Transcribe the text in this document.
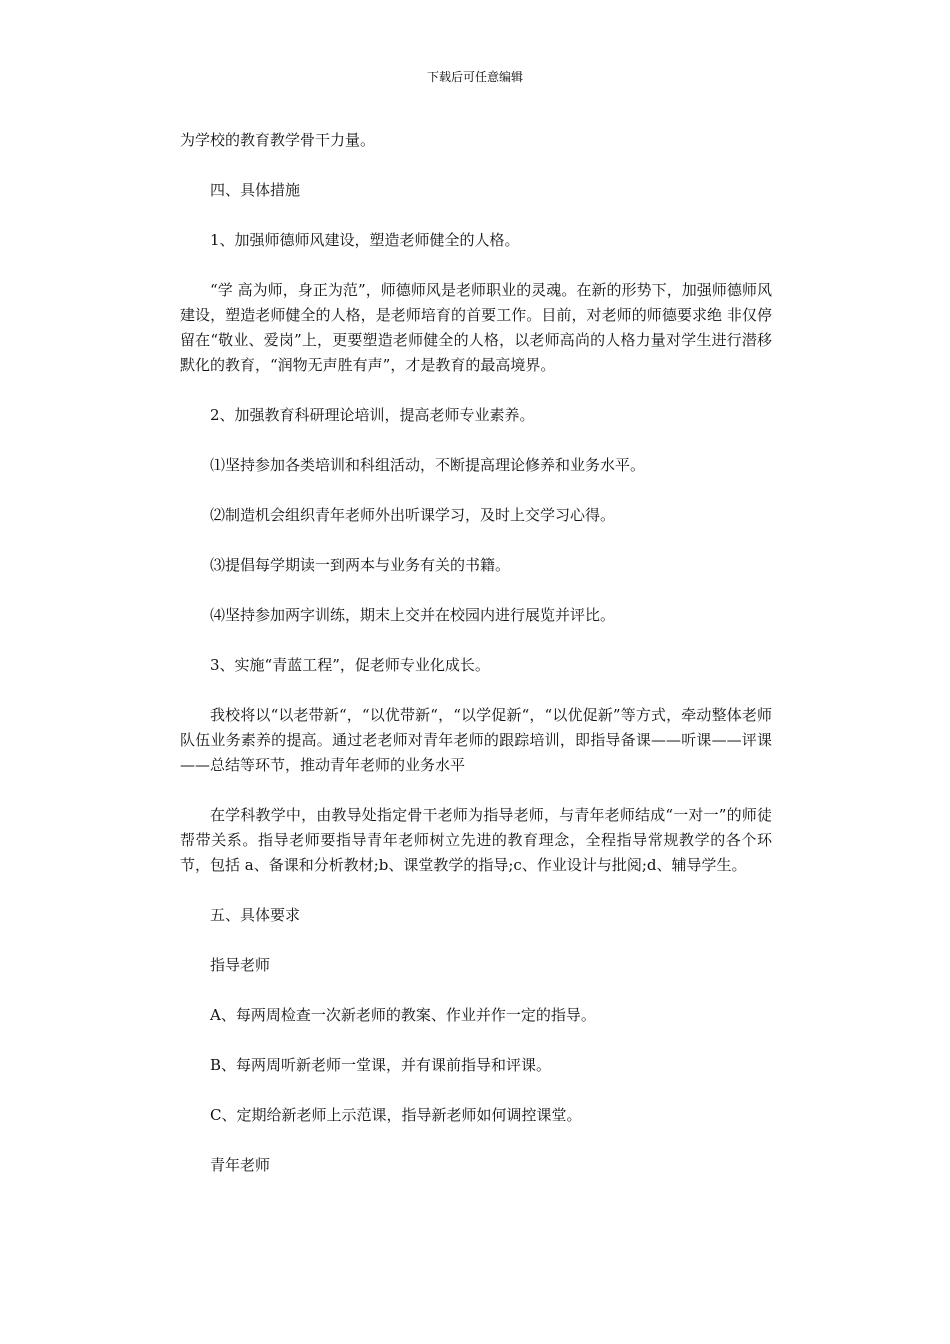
下载后可任意编辑

为学校的教育教学骨干力量。

四、具体措施

1、加强师德师风建设，塑造老师健全的人格。

“学 高为师，身正为范”，师德师风是老师职业的灵魂。在新的形势下，加强师德师风建设，塑造老师健全的人格，是老师培育的首要工作。目前，对老师的师德要求绝 非仅停留在“敬业、爱岗”上，更要塑造老师健全的人格，以老师高尚的人格力量对学生进行潜移默化的教育，“润物无声胜有声”，才是教育的最高境界。

2、加强教育科研理论培训，提高老师专业素养。

⑴坚持参加各类培训和科组活动，不断提高理论修养和业务水平。

⑵制造机会组织青年老师外出听课学习，及时上交学习心得。

⑶提倡每学期读一到两本与业务有关的书籍。

⑷坚持参加两字训练，期末上交并在校园内进行展览并评比。

3、实施“青蓝工程”，促老师专业化成长。

我校将以“以老带新“，“以优带新“，“以学促新“，“以优促新”等方式，牵动整体老师队伍业务素养的提高。通过老老师对青年老师的跟踪培训，即指导备课——听课——评课——总结等环节，推动青年老师的业务水平

在学科教学中，由教导处指定骨干老师为指导老师，与青年老师结成“一对一”的师徒帮带关系。指导老师要指导青年老师树立先进的教育理念，全程指导常规教学的各个环节，包括 a、备课和分析教材;b、课堂教学的指导;c、作业设计与批阅;d、辅导学生。

五、具体要求

指导老师

A、每两周检查一次新老师的教案、作业并作一定的指导。

B、每两周听新老师一堂课，并有课前指导和评课。

C、定期给新老师上示范课，指导新老师如何调控课堂。

青年老师
